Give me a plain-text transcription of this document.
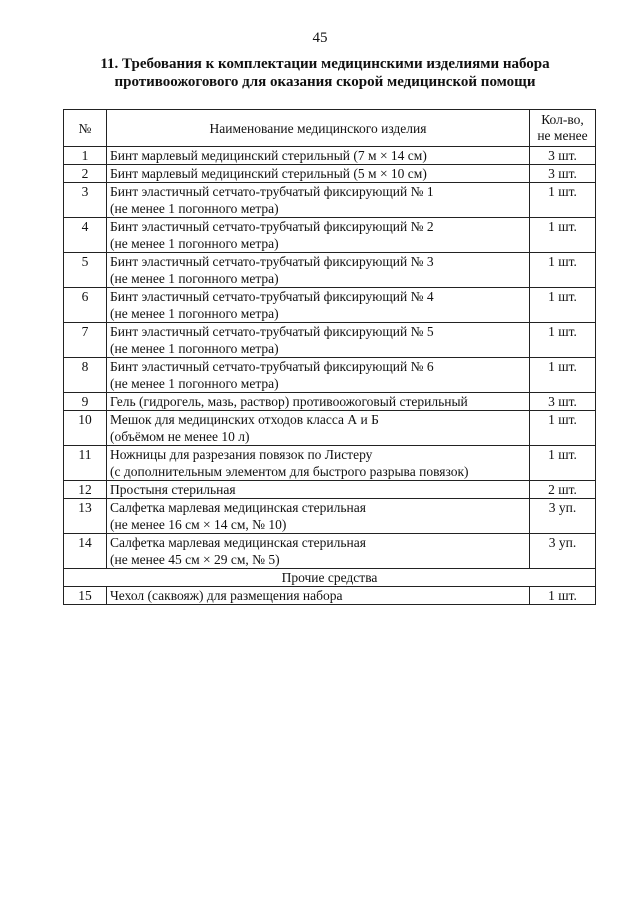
45
11. Требования к комплектации медицинскими изделиями набора
противоожогового для оказания скорой медицинской помощи
№	Наименование медицинского изделия	Кол-во,
не менее

1	Бинт марлевый медицинский стерильный (7 м × 14 см)	3 шт.
2	Бинт марлевый медицинский стерильный (5 м × 10 см)	3 шт.
3	Бинт эластичный сетчато-трубчатый фиксирующий № 1
(не менее 1 погонного метра)	1 шт.
4	Бинт эластичный сетчато-трубчатый фиксирующий № 2
(не менее 1 погонного метра)	1 шт.
5	Бинт эластичный сетчато-трубчатый фиксирующий № 3
(не менее 1 погонного метра)	1 шт.
6	Бинт эластичный сетчато-трубчатый фиксирующий № 4
(не менее 1 погонного метра)	1 шт.
7	Бинт эластичный сетчато-трубчатый фиксирующий № 5
(не менее 1 погонного метра)	1 шт.
8	Бинт эластичный сетчато-трубчатый фиксирующий № 6
(не менее 1 погонного метра)	1 шт.
9	Гель (гидрогель, мазь, раствор) противоожоговый стерильный	3 шт.
10	Мешок для медицинских отходов класса А и Б
(объёмом не менее 10 л)	1 шт.
11	Ножницы для разрезания повязок по Листеру
(с дополнительным элементом для быстрого разрыва повязок)	1 шт.
12	Простыня стерильная	2 шт.
13	Салфетка марлевая медицинская стерильная
(не менее 16 см × 14 см, № 10)	3 уп.
14	Салфетка марлевая медицинская стерильная
(не менее 45 см × 29 см, № 5)	3 уп.
Прочие средства		
15	Чехол (саквояж) для размещения набора	1 шт.
